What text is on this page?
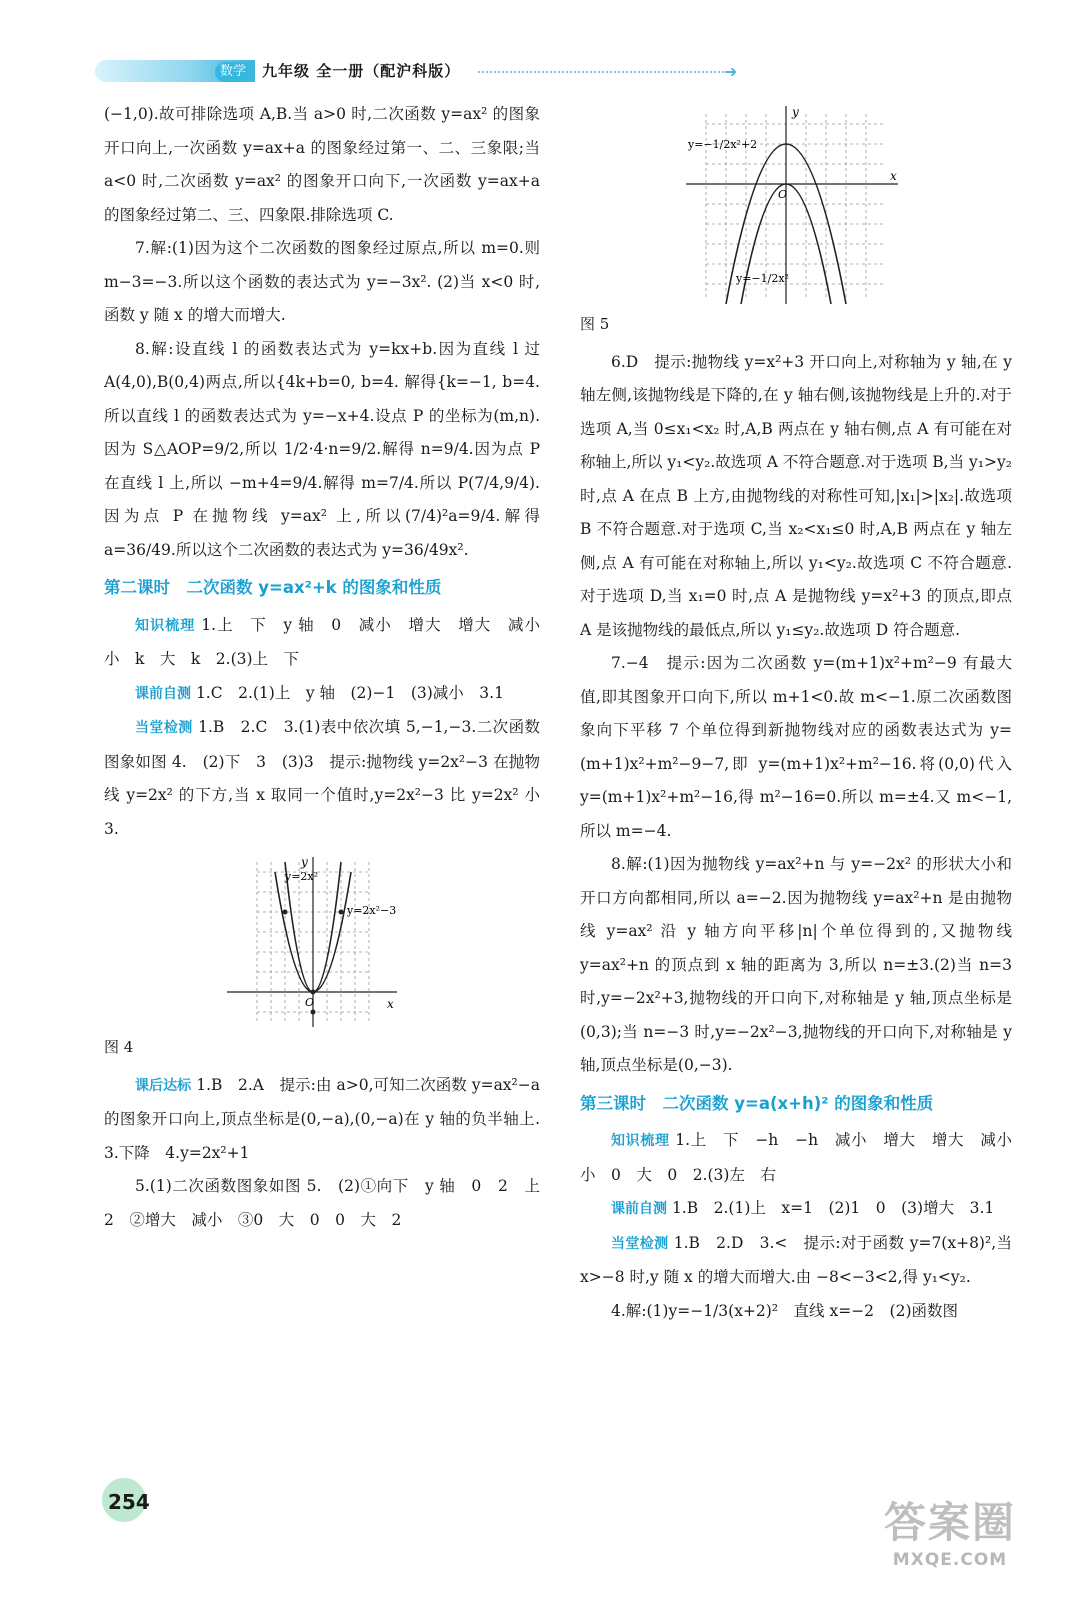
数学	九年级 全一册（配沪科版）	➜

(−1,0).故可排除选项 A,B.当 a>0 时,二次函数 y=ax² 的图象开口向上,一次函数 y=ax+a 的图象经过第一、二、三象限;当 a<0 时,二次函数 y=ax² 的图象开口向下,一次函数 y=ax+a 的图象经过第二、三、四象限.排除选项 C.

7.解:(1)因为这个二次函数的图象经过原点,所以 m=0.则 m−3=−3.所以这个函数的表达式为 y=−3x². (2)当 x<0 时,函数 y 随 x 的增大而增大.

8.解:设直线 l 的函数表达式为 y=kx+b.因为直线 l 过 A(4,0),B(0,4)两点,所以{4k+b=0, b=4. 解得{k=−1, b=4. 所以直线 l 的函数表达式为 y=−x+4.设点 P 的坐标为(m,n).因为 S△AOP=9/2,所以 1/2·4·n=9/2.解得 n=9/4.因为点 P 在直线 l 上,所以 −m+4=9/4.解得 m=7/4.所以 P(7/4,9/4).因为点 P 在抛物线 y=ax² 上,所以(7/4)²a=9/4.解得 a=36/49.所以这个二次函数的表达式为 y=36/49x².

第二课时　二次函数 y=ax²+k 的图象和性质

知识梳理 1.上　下　y 轴　0　减小　增大　增大　减小　小　k　大　k　2.(3)上　下

课前自测 1.C　2.(1)上　y 轴　(2)−1　(3)减小　3.1

当堂检测 1.B　2.C　3.(1)表中依次填 5,−1,−3.二次函数图象如图 4.　(2)下　3　(3)3　提示:抛物线 y=2x²−3 在抛物线 y=2x² 的下方,当 x 取同一个值时,y=2x²−3 比 y=2x² 小 3.

x
y
O
y=2x²
y=2x²−3

图 4

课后达标 1.B　2.A　提示:由 a>0,可知二次函数 y=ax²−a 的图象开口向上,顶点坐标是(0,−a),(0,−a)在 y 轴的负半轴上.　3.下降　4.y=2x²+1

5.(1)二次函数图象如图 5.　(2)①向下　y 轴　0　2　上　2　②增大　减小　③0　大　0　0　大　2

x
y
O
y=−1/2x²+2
y=−1/2x²

图 5

6.D　提示:抛物线 y=x²+3 开口向上,对称轴为 y 轴,在 y 轴左侧,该抛物线是下降的,在 y 轴右侧,该抛物线是上升的.对于选项 A,当 0≤x₁<x₂ 时,A,B 两点在 y 轴右侧,点 A 有可能在对称轴上,所以 y₁<y₂.故选项 A 不符合题意.对于选项 B,当 y₁>y₂ 时,点 A 在点 B 上方,由抛物线的对称性可知,|x₁|>|x₂|.故选项 B 不符合题意.对于选项 C,当 x₂<x₁≤0 时,A,B 两点在 y 轴左侧,点 A 有可能在对称轴上,所以 y₁<y₂.故选项 C 不符合题意.对于选项 D,当 x₁=0 时,点 A 是抛物线 y=x²+3 的顶点,即点 A 是该抛物线的最低点,所以 y₁≤y₂.故选项 D 符合题意.

7.−4　提示:因为二次函数 y=(m+1)x²+m²−9 有最大值,即其图象开口向下,所以 m+1<0.故 m<−1.原二次函数图象向下平移 7 个单位得到新抛物线对应的函数表达式为 y=(m+1)x²+m²−9−7,即 y=(m+1)x²+m²−16.将(0,0)代入 y=(m+1)x²+m²−16,得 m²−16=0.所以 m=±4.又 m<−1,所以 m=−4.

8.解:(1)因为抛物线 y=ax²+n 与 y=−2x² 的形状大小和开口方向都相同,所以 a=−2.因为抛物线 y=ax²+n 是由抛物线 y=ax² 沿 y 轴方向平移|n|个单位得到的,又抛物线 y=ax²+n 的顶点到 x 轴的距离为 3,所以 n=±3.(2)当 n=3 时,y=−2x²+3,抛物线的开口向下,对称轴是 y 轴,顶点坐标是(0,3);当 n=−3 时,y=−2x²−3,抛物线的开口向下,对称轴是 y 轴,顶点坐标是(0,−3).

第三课时　二次函数 y=a(x+h)² 的图象和性质

知识梳理 1.上　下　−h　−h　减小　增大　增大　减小　小　0　大　0　2.(3)左　右

课前自测 1.B　2.(1)上　x=1　(2)1　0　(3)增大　3.1

当堂检测 1.B　2.D　3.<　提示:对于函数 y=7(x+8)²,当 x>−8 时,y 随 x 的增大而增大.由 −8<−3<2,得 y₁<y₂.

4.解:(1)y=−1/3(x+2)²　直线 x=−2　(2)函数图

254	答案圈
MXQE.COM
